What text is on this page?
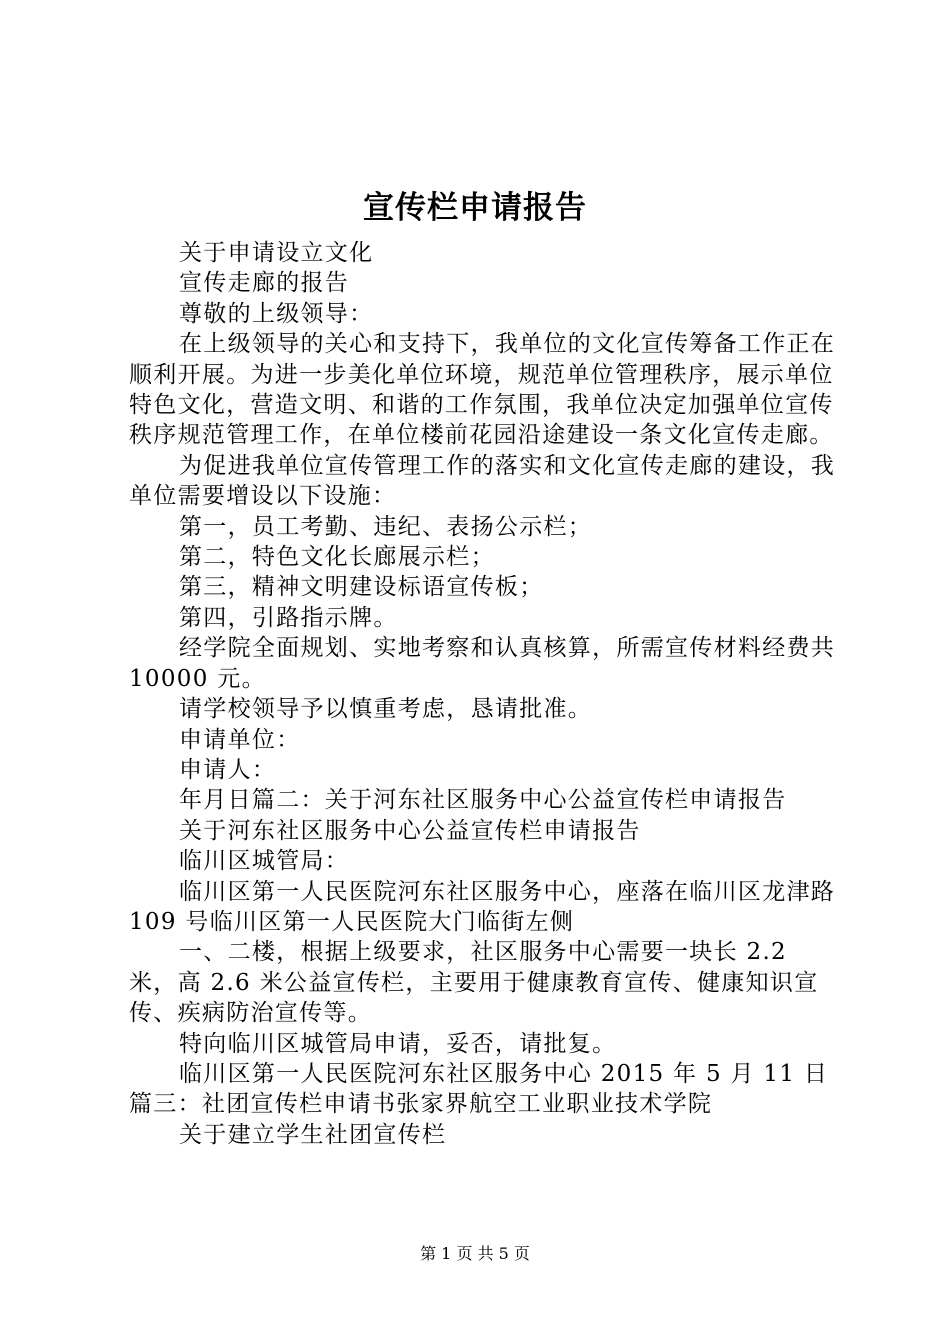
宣传栏申请报告

关于申请设立文化

宣传走廊的报告

尊敬的上级领导：

在上级领导的关心和支持下，我单位的文化宣传筹备工作正在顺利开展。为进一步美化单位环境，规范单位管理秩序，展示单位特色文化，营造文明、和谐的工作氛围，我单位决定加强单位宣传秩序规范管理工作，在单位楼前花园沿途建设一条文化宣传走廊。

为促进我单位宣传管理工作的落实和文化宣传走廊的建设，我单位需要增设以下设施：

第一，员工考勤、违纪、表扬公示栏；

第二，特色文化长廊展示栏；

第三，精神文明建设标语宣传板；

第四，引路指示牌。

经学院全面规划、实地考察和认真核算，所需宣传材料经费共 10000 元。

请学校领导予以慎重考虑，恳请批准。

申请单位：

申请人：

年月日篇二：关于河东社区服务中心公益宣传栏申请报告

关于河东社区服务中心公益宣传栏申请报告

临川区城管局：

临川区第一人民医院河东社区服务中心，座落在临川区龙津路 109 号临川区第一人民医院大门临街左侧

一、二楼，根据上级要求，社区服务中心需要一块长 2.2 米，高 2.6 米公益宣传栏，主要用于健康教育宣传、健康知识宣传、疾病防治宣传等。

特向临川区城管局申请，妥否，请批复。

临川区第一人民医院河东社区服务中心 2015 年 5 月 11 日篇三：社团宣传栏申请书张家界航空工业职业技术学院

关于建立学生社团宣传栏

第 1 页 共 5 页
